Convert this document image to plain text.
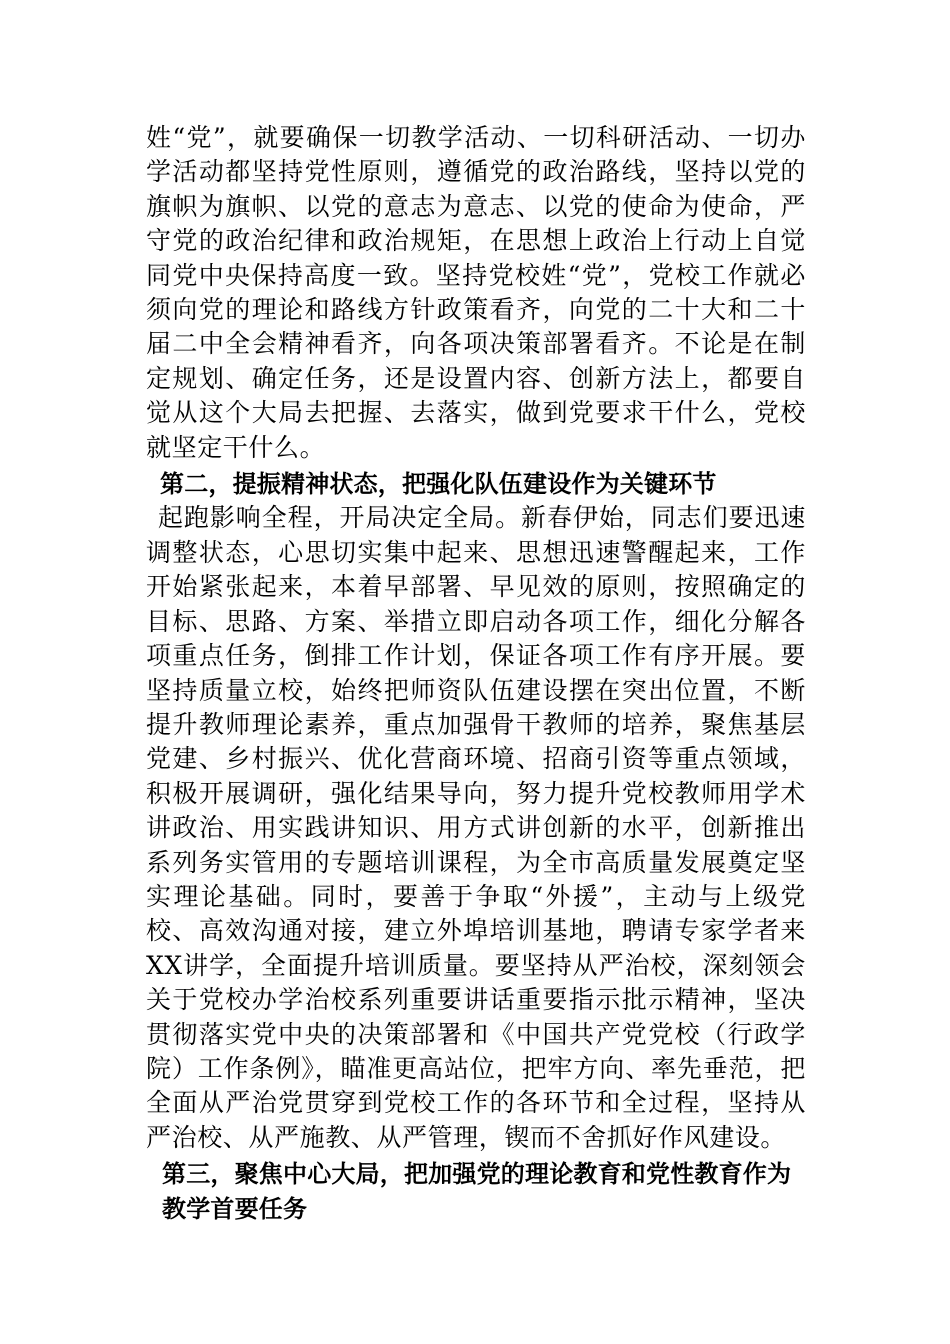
姓“党”，就要确保一切教学活动、一切科研活动、一切办学活动都坚持党性原则，遵循党的政治路线，坚持以党的旗帜为旗帜、以党的意志为意志、以党的使命为使命，严守党的政治纪律和政治规矩，在思想上政治上行动上自觉同党中央保持高度一致。坚持党校姓“党”，党校工作就必须向党的理论和路线方针政策看齐，向党的二十大和二十届二中全会精神看齐，向各项决策部署看齐。不论是在制定规划、确定任务，还是设置内容、创新方法上，都要自觉从这个大局去把握、去落实，做到党要求干什么，党校就坚定干什么。

第二，提振精神状态，把强化队伍建设作为关键环节

起跑影响全程，开局决定全局。新春伊始，同志们要迅速调整状态，心思切实集中起来、思想迅速警醒起来，工作开始紧张起来，本着早部署、早见效的原则，按照确定的目标、思路、方案、举措立即启动各项工作，细化分解各项重点任务，倒排工作计划，保证各项工作有序开展。要坚持质量立校，始终把师资队伍建设摆在突出位置，不断提升教师理论素养，重点加强骨干教师的培养，聚焦基层党建、乡村振兴、优化营商环境、招商引资等重点领域，积极开展调研，强化结果导向，努力提升党校教师用学术讲政治、用实践讲知识、用方式讲创新的水平，创新推出系列务实管用的专题培训课程，为全市高质量发展奠定坚实理论基础。同时，要善于争取“外援”，主动与上级党校、高效沟通对接，建立外埠培训基地，聘请专家学者来XX讲学，全面提升培训质量。要坚持从严治校，深刻领会关于党校办学治校系列重要讲话重要指示批示精神，坚决贯彻落实党中央的决策部署和《中国共产党党校（行政学院）工作条例》，瞄准更高站位，把牢方向、率先垂范，把全面从严治党贯穿到党校工作的各环节和全过程，坚持从严治校、从严施教、从严管理，锲而不舍抓好作风建设。

第三，聚焦中心大局，把加强党的理论教育和党性教育作为教学首要任务
